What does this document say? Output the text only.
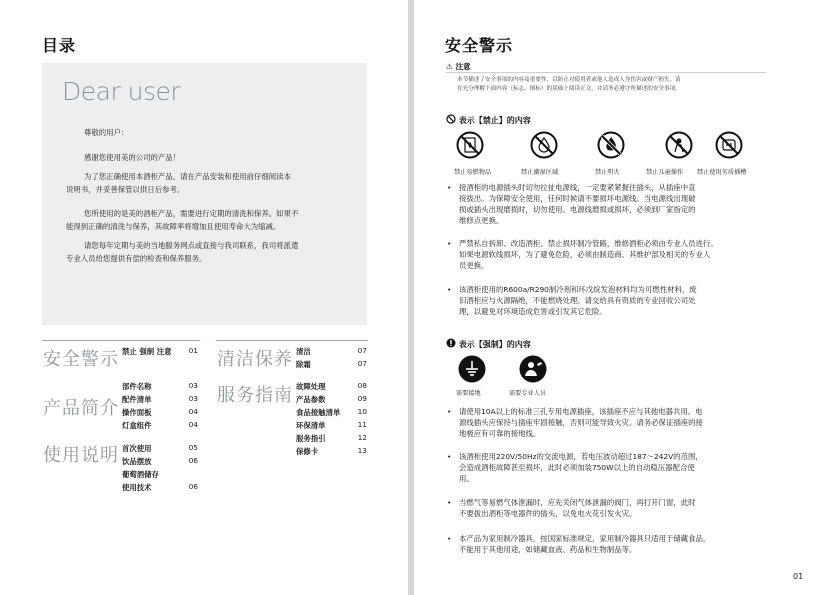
目录
Dear user
尊敬的用户：
感谢您使用美的公司的产品！
为了您正确使用本酒柜产品，请在产品安装和使用前仔细阅读本
说明书，并妥善保管以供日后参考。
您所使用的是美的酒柜产品，需要进行定期的清洗和保养。如果不
能得到正确的清洗与保养，其故障率将增加且使用寿命大为缩减。
请您每年定期与美的当地服务网点或直接与我司联系，我司将派遣
专业人员给您提供有偿的检查和保养服务。
安全警示 禁止 强制 注意	01
产品简介
部件名称	03
配件清单	03
操作面板	04
灯盒组件	04
使用说明 首次使用	05
饮品摆放	06
葡萄酒储存
使用技术	06
清洁保养 清洁	07
除霜	07
服务指南 故障处理	08
产品参数	09
食品接触清单	10
环保清单	11
服务指引	12
保修卡	13
安全警示
⚠ 注意
本节描述了安全事项的内容及重要性，以防止对使用者或他人造成人身伤害或财产损失。请
在充分理解下面内容（标志、图标）的基础上阅读正文，并请务必遵守所描述的安全事项。
表示【禁止】的内容
禁止易燃物品	禁止潮湿区域	禁止明火	禁止儿童操作 禁止使用劣质插槽
• 接酒柜的电源插头时切勿拉扯电源线，一定要紧紧握住插头，从插座中直
接拔出。为保障安全使用，任何时候请不要损坏电源线。当电源线出现破
损或插头出现磨损时，切勿使用。电源线磨损或损坏，必须到厂家指定的
维修点更换。
• 严禁私自拆卸、改造酒柜、禁止损坏制冷管路，维修酒柜必须由专业人员进行。
如果电源软线损坏，为了避免危险，必须由制造商、其维护部及相关的专业人
员更换。
• 该酒柜使用的R600a/R290制冷剂和环戊烷发泡材料均为可燃性材料，废
旧酒柜应与火源隔绝，不能燃烧处理。请交给具有资质的专业回收公司处
理，以避免对环境造成危害或引发其它危险。
表示【强制】的内容
需要接地	需要专业人员
• 请使用10A以上的标准三孔专用电源插座，该插座不应与其他电器共用。电
源线插头应保持与插座牢固接触，否则可能导致火灾。请务必保证插座的接
地极应有可靠的接地线。
• 该酒柜使用220V/50Hz的交流电源，若电压波动超过187～242V的范围，
会造成酒柜故障甚至损坏，此时必须加装750W以上的自动稳压器配合使
用。
• 当燃气等易燃气体泄漏时，应先关闭气体泄漏的阀门，再打开门窗，此时
不要拔出酒柜等电器件的插头，以免电火花引发火灾。
• 本产品为家用制冷器具，按国家标准规定，家用制冷器具只适用于储藏食品，
不能用于其他用途，如储藏血液、药品和生物制品等。
01
